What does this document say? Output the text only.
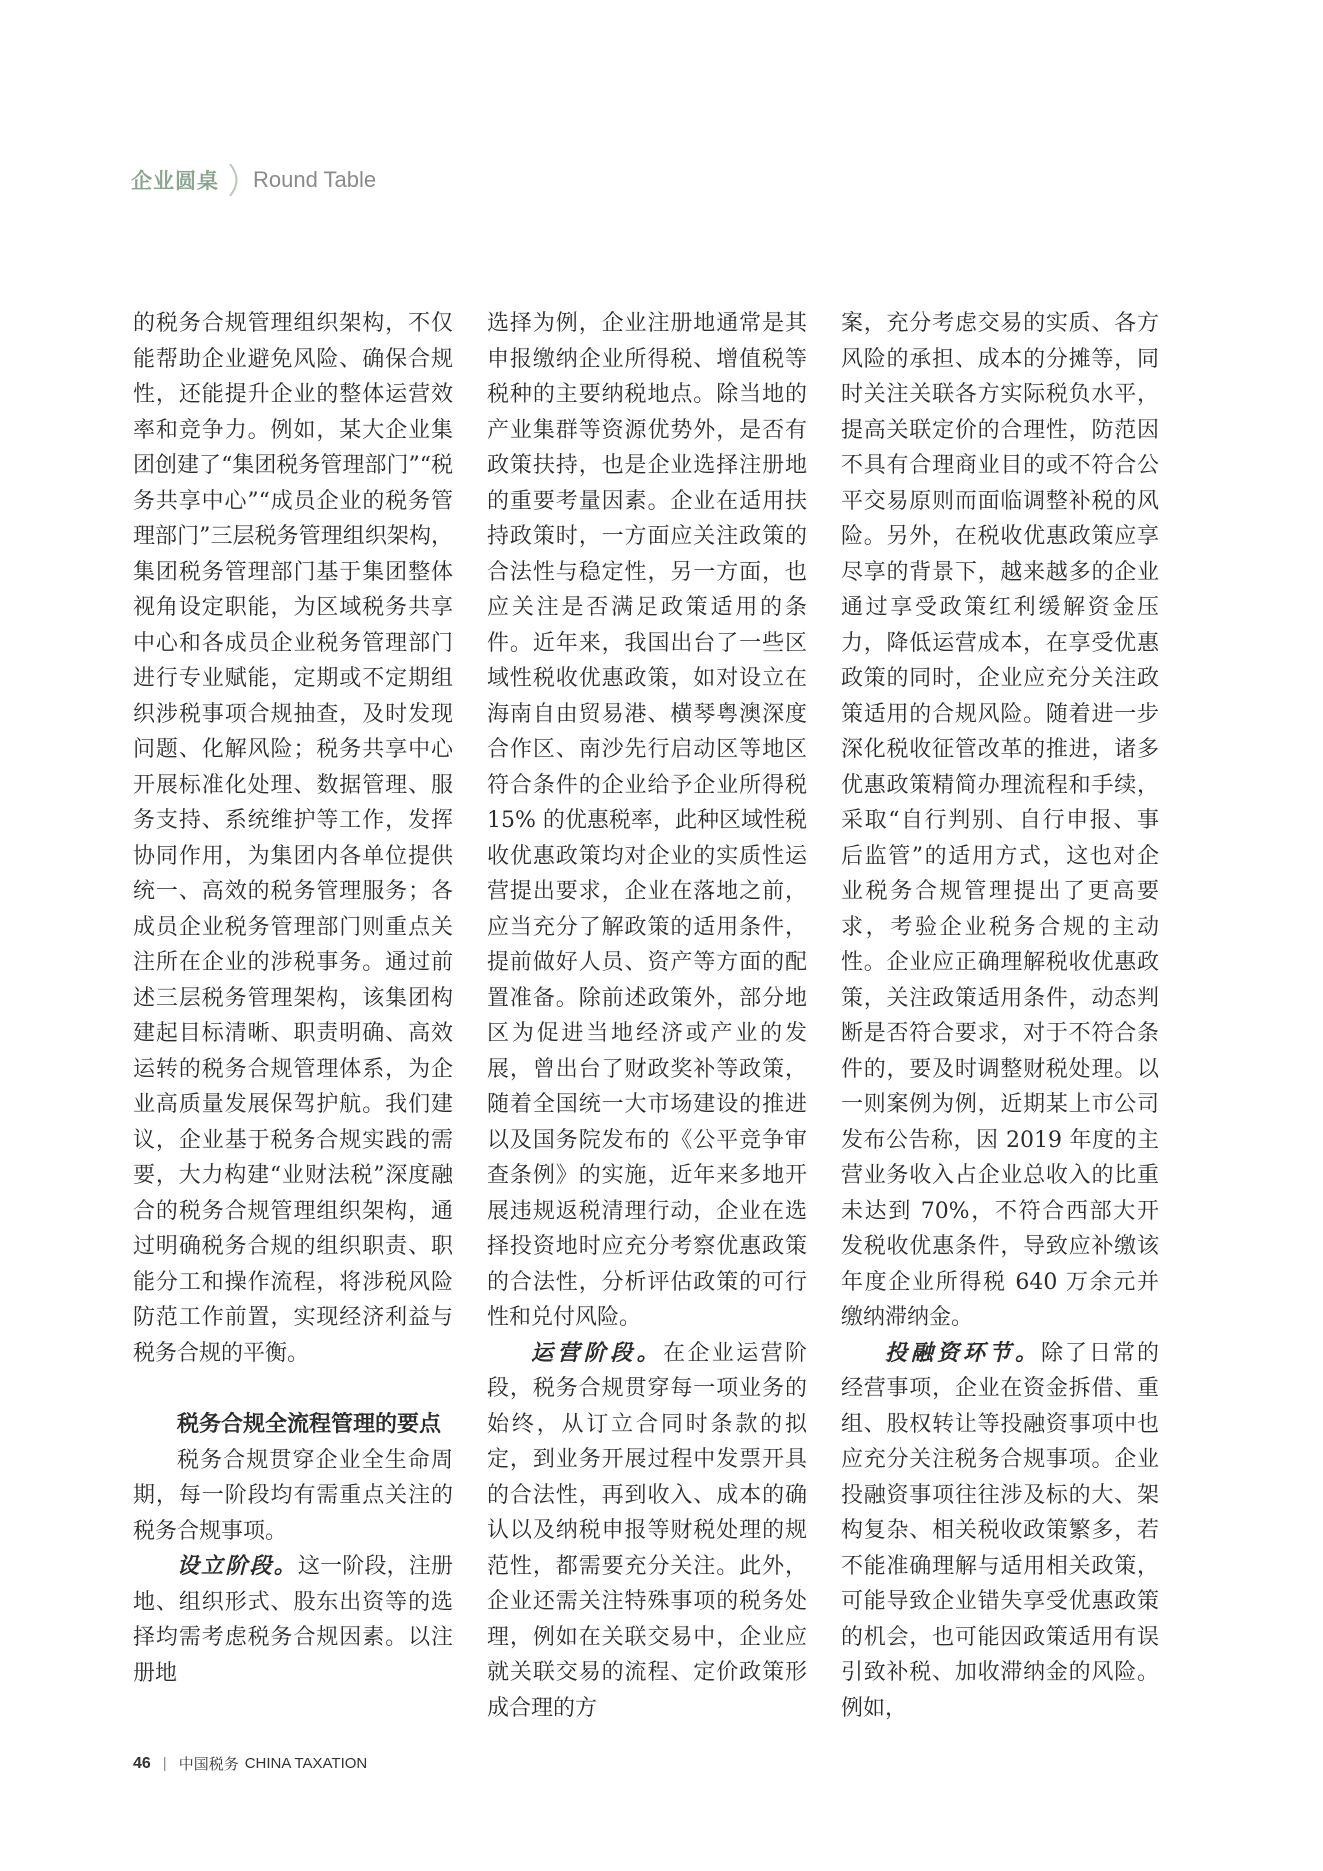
企业圆桌 Round Table

的税务合规管理组织架构，不仅能帮助企业避免风险、确保合规性，还能提升企业的整体运营效率和竞争力。例如，某大企业集团创建了“集团税务管理部门”“税务共享中心”“成员企业的税务管理部门”三层税务管理组织架构，集团税务管理部门基于集团整体视角设定职能，为区域税务共享中心和各成员企业税务管理部门进行专业赋能，定期或不定期组织涉税事项合规抽查，及时发现问题、化解风险；税务共享中心开展标准化处理、数据管理、服务支持、系统维护等工作，发挥协同作用，为集团内各单位提供统一、高效的税务管理服务；各成员企业税务管理部门则重点关注所在企业的涉税事务。通过前述三层税务管理架构，该集团构建起目标清晰、职责明确、高效运转的税务合规管理体系，为企业高质量发展保驾护航。我们建议，企业基于税务合规实践的需要，大力构建“业财法税”深度融合的税务合规管理组织架构，通过明确税务合规的组织职责、职能分工和操作流程，将涉税风险防范工作前置，实现经济利益与税务合规的平衡。

税务合规全流程管理的要点

税务合规贯穿企业全生命周期，每一阶段均有需重点关注的税务合规事项。

设立阶段。这一阶段，注册地、组织形式、股东出资等的选择均需考虑税务合规因素。以注册地

选择为例，企业注册地通常是其申报缴纳企业所得税、增值税等税种的主要纳税地点。除当地的产业集群等资源优势外，是否有政策扶持，也是企业选择注册地的重要考量因素。企业在适用扶持政策时，一方面应关注政策的合法性与稳定性，另一方面，也应关注是否满足政策适用的条件。近年来，我国出台了一些区域性税收优惠政策，如对设立在海南自由贸易港、横琴粤澳深度合作区、南沙先行启动区等地区符合条件的企业给予企业所得税 15% 的优惠税率，此种区域性税收优惠政策均对企业的实质性运营提出要求，企业在落地之前，应当充分了解政策的适用条件，提前做好人员、资产等方面的配置准备。除前述政策外，部分地区为促进当地经济或产业的发展，曾出台了财政奖补等政策，随着全国统一大市场建设的推进以及国务院发布的《公平竞争审查条例》的实施，近年来多地开展违规返税清理行动，企业在选择投资地时应充分考察优惠政策的合法性，分析评估政策的可行性和兑付风险。

运营阶段。在企业运营阶段，税务合规贯穿每一项业务的始终，从订立合同时条款的拟定，到业务开展过程中发票开具的合法性，再到收入、成本的确认以及纳税申报等财税处理的规范性，都需要充分关注。此外，企业还需关注特殊事项的税务处理，例如在关联交易中，企业应就关联交易的流程、定价政策形成合理的方

案，充分考虑交易的实质、各方风险的承担、成本的分摊等，同时关注关联各方实际税负水平，提高关联定价的合理性，防范因不具有合理商业目的或不符合公平交易原则而面临调整补税的风险。另外，在税收优惠政策应享尽享的背景下，越来越多的企业通过享受政策红利缓解资金压力，降低运营成本，在享受优惠政策的同时，企业应充分关注政策适用的合规风险。随着进一步深化税收征管改革的推进，诸多优惠政策精简办理流程和手续，采取“自行判别、自行申报、事后监管”的适用方式，这也对企业税务合规管理提出了更高要求，考验企业税务合规的主动性。企业应正确理解税收优惠政策，关注政策适用条件，动态判断是否符合要求，对于不符合条件的，要及时调整财税处理。以一则案例为例，近期某上市公司发布公告称，因 2019 年度的主营业务收入占企业总收入的比重未达到 70%，不符合西部大开发税收优惠条件，导致应补缴该年度企业所得税 640 万余元并缴纳滞纳金。

投融资环节。除了日常的经营事项，企业在资金拆借、重组、股权转让等投融资事项中也应充分关注税务合规事项。企业投融资事项往往涉及标的大、架构复杂、相关税收政策繁多，若不能准确理解与适用相关政策，可能导致企业错失享受优惠政策的机会，也可能因政策适用有误引致补税、加收滞纳金的风险。例如，

46 | 中国税务 CHINA TAXATION
